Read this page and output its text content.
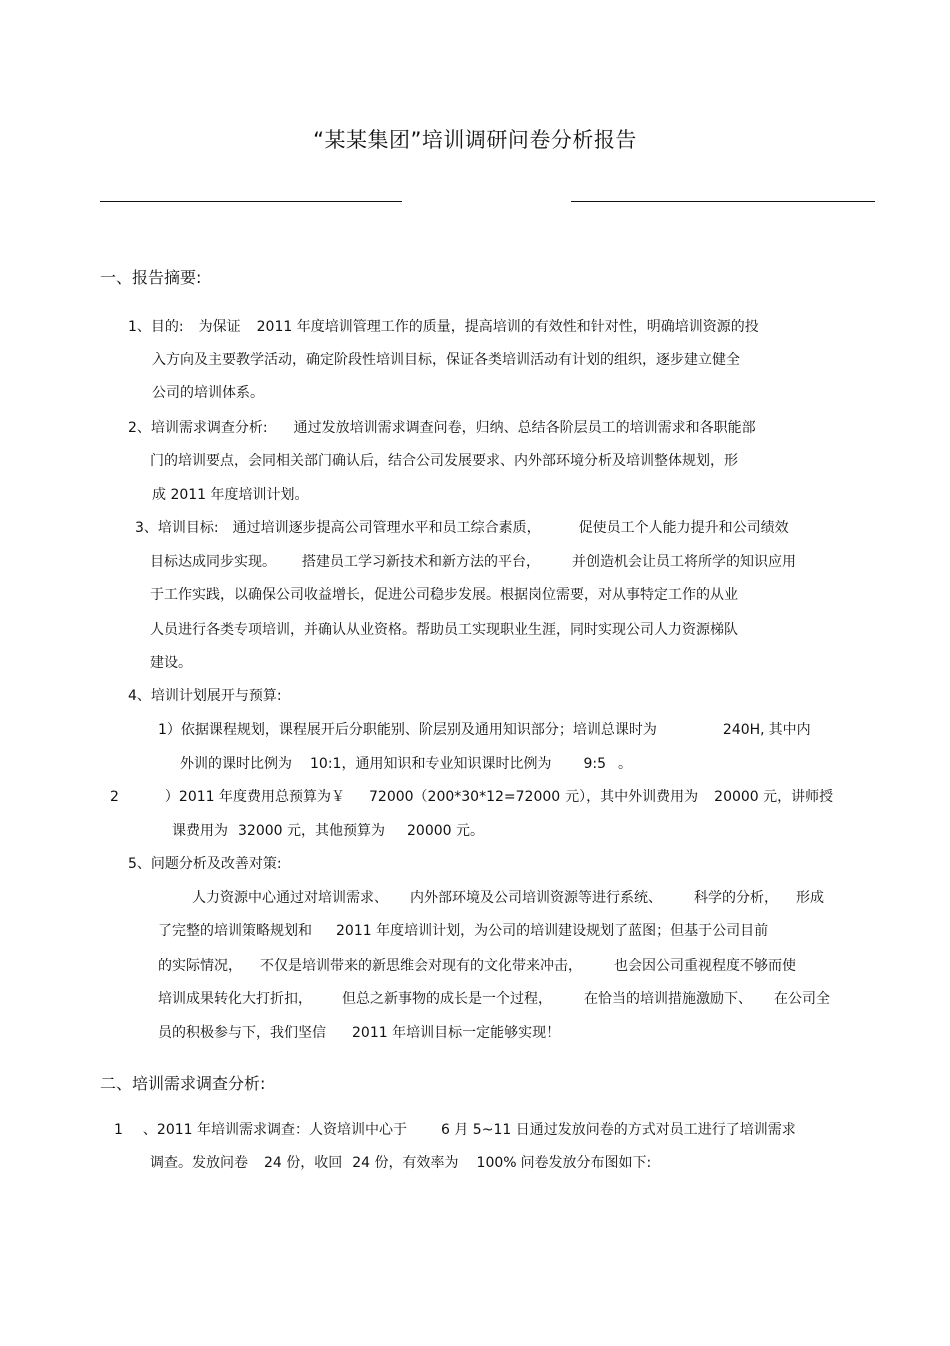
“某某集团”培训调研问卷分析报告
一、报告摘要:
1、目的: 为保证 2011 年度培训管理工作的质量，提高培训的有效性和针对性，明确培训资源的投
入方向及主要教学活动，确定阶段性培训目标，保证各类培训活动有计划的组织，逐步建立健全
公司的培训体系。
2、培训需求调查分析: 通过发放培训需求调查问卷，归纳、总结各阶层员工的培训需求和各职能部
门的培训要点，会同相关部门确认后，结合公司发展要求、内外部环境分析及培训整体规划，形
成 2011 年度培训计划。
3、培训目标: 通过培训逐步提高公司管理水平和员工综合素质，	促使员工个人能力提升和公司绩效
目标达成同步实现。 搭建员工学习新技术和新方法的平台， 并创造机会让员工将所学的知识应用
于工作实践，以确保公司收益增长，促进公司稳步发展。根据岗位需要，对从事特定工作的从业
人员进行各类专项培训，并确认从业资格。帮助员工实现职业生涯，同时实现公司人力资源梯队
建设。
4、培训计划展开与预算:
1）依据课程规划，课程展开后分职能别、阶层别及通用知识部分；培训总课时为	240H, 其中内
外训的课时比例为 10:1，通用知识和专业知识课时比例为 9:5 。
2	）2011 年度费用总预算为￥ 72000（200*30*12=72000 元），其中外训费用为 20000 元，讲师授
课费用为 32000 元，其他预算为 20000 元。
5、问题分析及改善对策:
人力资源中心通过对培训需求、 内外部环境及公司培训资源等进行系统、 科学的分析， 形成
了完整的培训策略规划和 2011 年度培训计划，为公司的培训建设规划了蓝图；但基于公司目前
的实际情况， 不仅是培训带来的新思维会对现有的文化带来冲击， 也会因公司重视程度不够而使
培训成果转化大打折扣， 但总之新事物的成长是一个过程， 在恰当的培训措施激励下、 在公司全
员的积极参与下，我们坚信 2011 年培训目标一定能够实现！
二、培训需求调查分析:
1 、2011 年培训需求调查：人资培训中心于 6 月 5~11 日通过发放问卷的方式对员工进行了培训需求
调查。发放问卷 24 份，收回 24 份，有效率为 100% 问卷发放分布图如下:
